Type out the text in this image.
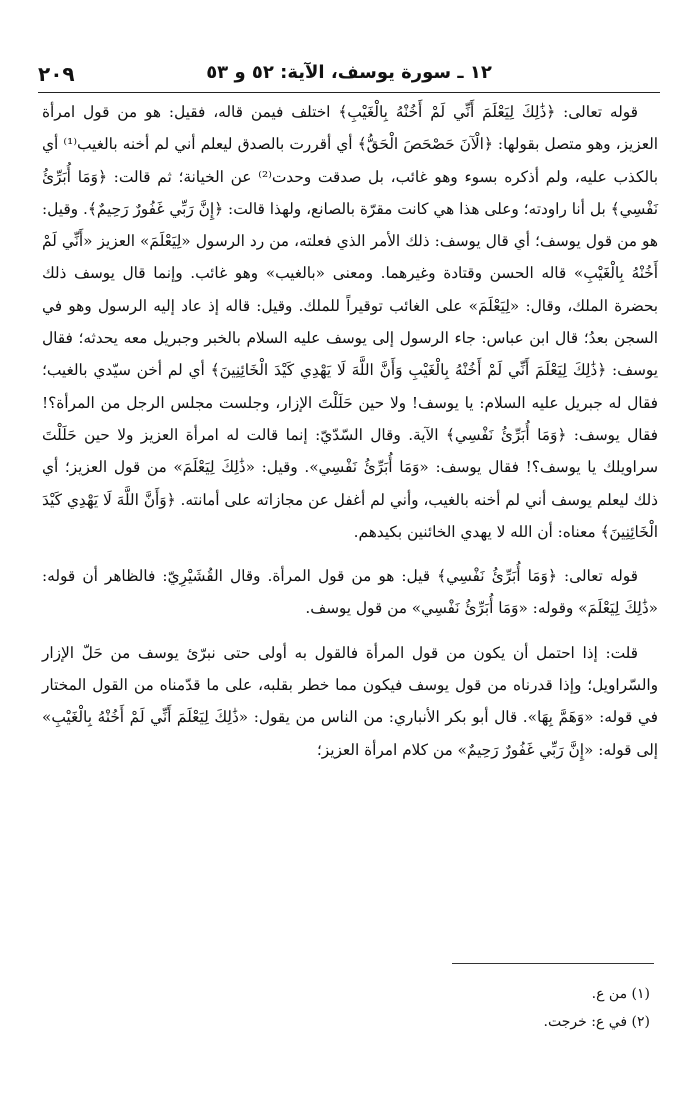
١٢ ـ سورة يوسف، الآية: ٥٢ و ٥٣
٢٠٩

قوله تعالى: ﴿ذَٰلِكَ لِيَعْلَمَ أَنِّي لَمْ أَخُنْهُ بِالْغَيْبِ﴾ اختلف فيمن قاله، فقيل: هو من قول امرأة العزيز، وهو متصل بقولها: ﴿الْآنَ حَصْحَصَ الْحَقُّ﴾ أي أقررت بالصدق ليعلم أني لم أخنه بالغيب⁽¹⁾ أي بالكذب عليه، ولم أذكره بسوء وهو غائب، بل صدقت وحدت⁽²⁾ عن الخيانة؛ ثم قالت: ﴿وَمَا أُبَرِّئُ نَفْسِي﴾ بل أنا راودته؛ وعلى هذا هي كانت مقرّة بالصانع، ولهذا قالت: ﴿إِنَّ رَبِّي غَفُورٌ رَحِيمٌ﴾. وقيل: هو من قول يوسف؛ أي قال يوسف: ذلك الأمر الذي فعلته، من رد الرسول «لِيَعْلَمَ» العزيز «أَنِّي لَمْ أَخُنْهُ بِالْغَيْبِ» قاله الحسن وقتادة وغيرهما. ومعنى «بالغيب» وهو غائب. وإنما قال يوسف ذلك بحضرة الملك، وقال: «لِيَعْلَمَ» على الغائب توقيراً للملك. وقيل: قاله إذ عاد إليه الرسول وهو في السجن بعدُ؛ قال ابن عباس: جاء الرسول إلى يوسف عليه السلام بالخبر وجبريل معه يحدثه؛ فقال يوسف: ﴿ذَٰلِكَ لِيَعْلَمَ أَنِّي لَمْ أَخُنْهُ بِالْغَيْبِ وَأَنَّ اللَّهَ لَا يَهْدِي كَيْدَ الْخَائِنِينَ﴾ أي لم أخن سيّدي بالغيب؛ فقال له جبريل عليه السلام: يا يوسف! ولا حين حَلَلْتَ الإزار، وجلست مجلس الرجل من المرأة؟! فقال يوسف: ﴿وَمَا أُبَرِّئُ نَفْسِي﴾ الآية. وقال السّدّيّ: إنما قالت له امرأة العزيز ولا حين حَلَلْتَ سراويلك يا يوسف؟! فقال يوسف: «وَمَا أُبَرِّئُ نَفْسِي». وقيل: «ذَٰلِكَ لِيَعْلَمَ» من قول العزيز؛ أي ذلك ليعلم يوسف أني لم أخنه بالغيب، وأني لم أغفل عن مجازاته على أمانته. ﴿وَأَنَّ اللَّهَ لَا يَهْدِي كَيْدَ الْخَائِنِينَ﴾ معناه: أن الله لا يهدي الخائنين بكيدهم.

قوله تعالى: ﴿وَمَا أُبَرِّئُ نَفْسِي﴾ قيل: هو من قول المرأة. وقال القُشَيْرِيّ: فالظاهر أن قوله: «ذَٰلِكَ لِيَعْلَمَ» وقوله: «وَمَا أُبَرِّئُ نَفْسِي» من قول يوسف.

قلت: إذا احتمل أن يكون من قول المرأة فالقول به أولى حتى نبرّئ يوسف من حَلّ الإزار والسّراويل؛ وإذا قدرناه من قول يوسف فيكون مما خطر بقلبه، على ما قدّمناه من القول المختار في قوله: «وَهَمَّ بِهَا». قال أبو بكر الأنباري: من الناس من يقول: «ذَٰلِكَ لِيَعْلَمَ أَنِّي لَمْ أَخُنْهُ بِالْغَيْبِ» إلى قوله: «إِنَّ رَبِّي غَفُورٌ رَحِيمٌ» من كلام امرأة العزيز؛

(١) من ع.
(٢) في ع: خرجت.
